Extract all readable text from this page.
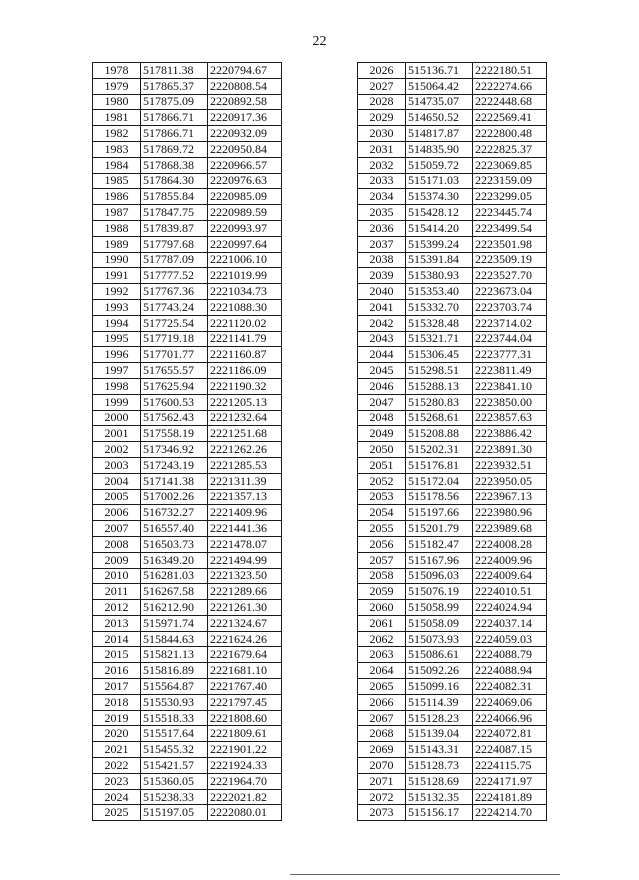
22
1978	517811.38	2220794.67
1979	517865.37	2220808.54
1980	517875.09	2220892.58
1981	517866.71	2220917.36
1982	517866.71	2220932.09
1983	517869.72	2220950.84
1984	517868.38	2220966.57
1985	517864.30	2220976.63
1986	517855.84	2220985.09
1987	517847.75	2220989.59
1988	517839.87	2220993.97
1989	517797.68	2220997.64
1990	517787.09	2221006.10
1991	517777.52	2221019.99
1992	517767.36	2221034.73
1993	517743.24	2221088.30
1994	517725.54	2221120.02
1995	517719.18	2221141.79
1996	517701.77	2221160.87
1997	517655.57	2221186.09
1998	517625.94	2221190.32
1999	517600.53	2221205.13
2000	517562.43	2221232.64
2001	517558.19	2221251.68
2002	517346.92	2221262.26
2003	517243.19	2221285.53
2004	517141.38	2221311.39
2005	517002.26	2221357.13
2006	516732.27	2221409.96
2007	516557.40	2221441.36
2008	516503.73	2221478.07
2009	516349.20	2221494.99
2010	516281.03	2221323.50
2011	516267.58	2221289.66
2012	516212.90	2221261.30
2013	515971.74	2221324.67
2014	515844.63	2221624.26
2015	515821.13	2221679.64
2016	515816.89	2221681.10
2017	515564.87	2221767.40
2018	515530.93	2221797.45
2019	515518.33	2221808.60
2020	515517.64	2221809.61
2021	515455.32	2221901.22
2022	515421.57	2221924.33
2023	515360.05	2221964.70
2024	515238.33	2222021.82
2025	515197.05	2222080.01
2026	515136.71	2222180.51
2027	515064.42	2222274.66
2028	514735.07	2222448.68
2029	514650.52	2222569.41
2030	514817.87	2222800.48
2031	514835.90	2222825.37
2032	515059.72	2223069.85
2033	515171.03	2223159.09
2034	515374.30	2223299.05
2035	515428.12	2223445.74
2036	515414.20	2223499.54
2037	515399.24	2223501.98
2038	515391.84	2223509.19
2039	515380.93	2223527.70
2040	515353.40	2223673.04
2041	515332.70	2223703.74
2042	515328.48	2223714.02
2043	515321.71	2223744.04
2044	515306.45	2223777.31
2045	515298.51	2223811.49
2046	515288.13	2223841.10
2047	515280.83	2223850.00
2048	515268.61	2223857.63
2049	515208.88	2223886.42
2050	515202.31	2223891.30
2051	515176.81	2223932.51
2052	515172.04	2223950.05
2053	515178.56	2223967.13
2054	515197.66	2223980.96
2055	515201.79	2223989.68
2056	515182.47	2224008.28
2057	515167.96	2224009.96
2058	515096.03	2224009.64
2059	515076.19	2224010.51
2060	515058.99	2224024.94
2061	515058.09	2224037.14
2062	515073.93	2224059.03
2063	515086.61	2224088.79
2064	515092.26	2224088.94
2065	515099.16	2224082.31
2066	515114.39	2224069.06
2067	515128.23	2224066.96
2068	515139.04	2224072.81
2069	515143.31	2224087.15
2070	515128.73	2224115.75
2071	515128.69	2224171.97
2072	515132.35	2224181.89
2073	515156.17	2224214.70
